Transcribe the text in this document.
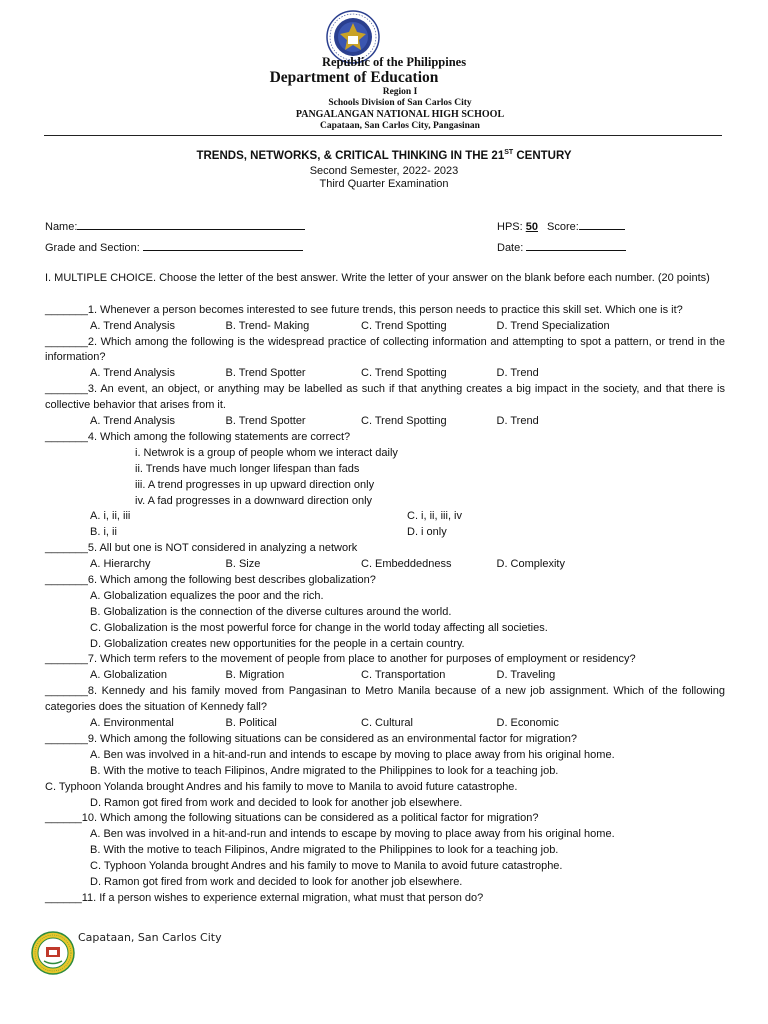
Republic of the Philippines
Department of Education
Region I
Schools Division of San Carlos City
PANGALANGAN NATIONAL HIGH SCHOOL
Capataan, San Carlos City, Pangasinan
TRENDS, NETWORKS, & CRITICAL THINKING IN THE 21ST CENTURY
Second Semester, 2022- 2023
Third Quarter Examination
Name:	HPS: 50 Score:
Grade and Section:	Date:
I. MULTIPLE CHOICE. Choose the letter of the best answer. Write the letter of your answer on the blank before each number. (20 points)
_______1. Whenever a person becomes interested to see future trends, this person needs to practice this skill set. Which one is it?
A. Trend Analysis	B. Trend- Making	C. Trend Spotting	D. Trend Specialization
_______2. Which among the following is the widespread practice of collecting information and attempting to spot a pattern, or trend in the information?
A. Trend Analysis	B. Trend Spotter	C. Trend Spotting	D. Trend
_______3. An event, an object, or anything may be labelled as such if that anything creates a big impact in the society, and that there is collective behavior that arises from it.
A. Trend Analysis	B. Trend Spotter	C. Trend Spotting	D. Trend
_______4. Which among the following statements are correct?
i. Netwrok is a group of people whom we interact daily
ii. Trends have much longer lifespan than fads
iii. A trend progresses in up upward direction only
iv. A fad progresses in a downward direction only
A. i, ii, iii	C. i, ii, iii, iv
B. i, ii	D. i only
_______5. All but one is NOT considered in analyzing a network
A. Hierarchy	B. Size	C. Embeddedness	D. Complexity
_______6. Which among the following best describes globalization?
A. Globalization equalizes the poor and the rich.
B. Globalization is the connection of the diverse cultures around the world.
C. Globalization is the most powerful force for change in the world today affecting all societies.
D. Globalization creates new opportunities for the people in a certain country.
_______7. Which term refers to the movement of people from place to another for purposes of employment or residency?
A. Globalization	B. Migration	C. Transportation	D. Traveling
_______8. Kennedy and his family moved from Pangasinan to Metro Manila because of a new job assignment. Which of the following categories does the situation of Kennedy fall?
A. Environmental	B. Political	C. Cultural	D. Economic
_______9. Which among the following situations can be considered as an environmental factor for migration?
A. Ben was involved in a hit-and-run and intends to escape by moving to place away from his original home.
B. With the motive to teach Filipinos, Andre migrated to the Philippines to look for a teaching job.
C. Typhoon Yolanda brought Andres and his family to move to Manila to avoid future catastrophe.
D. Ramon got fired from work and decided to look for another job elsewhere.
______10. Which among the following situations can be considered as a political factor for migration?
A. Ben was involved in a hit-and-run and intends to escape by moving to place away from his original home.
B. With the motive to teach Filipinos, Andre migrated to the Philippines to look for a teaching job.
C. Typhoon Yolanda brought Andres and his family to move to Manila to avoid future catastrophe.
D. Ramon got fired from work and decided to look for another job elsewhere.
______11. If a person wishes to experience external migration, what must that person do?
Capataan, San Carlos City
